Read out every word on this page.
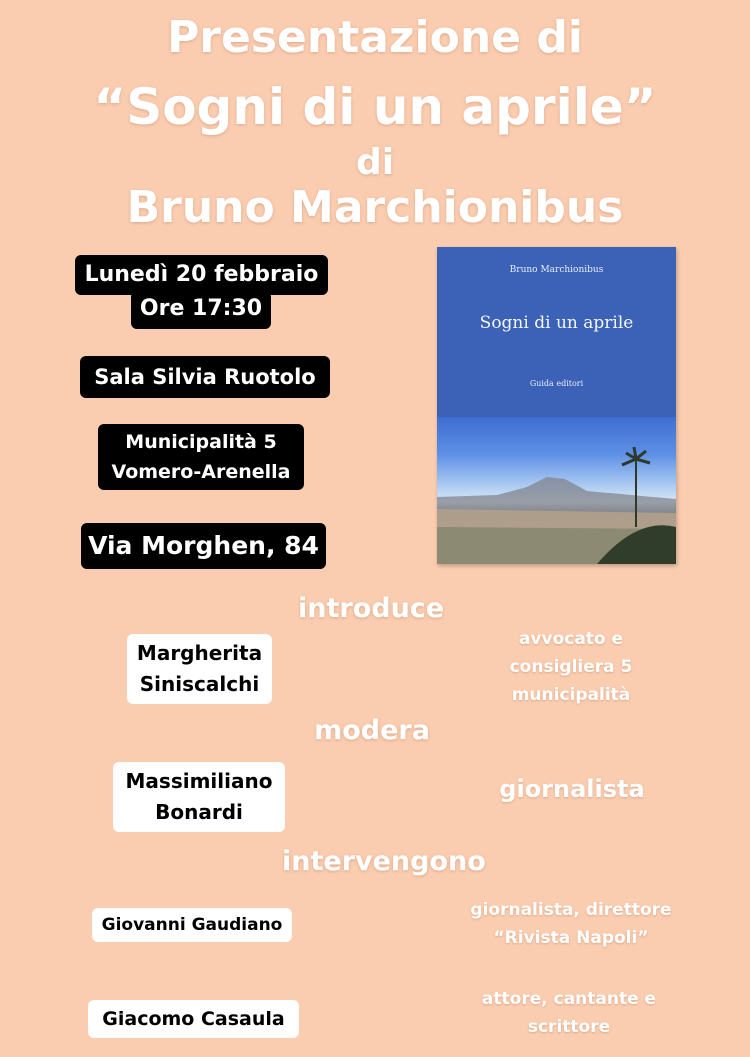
Presentazione di
“Sogni di un aprile”
di
Bruno Marchionibus
Lunedì 20 febbraio
Ore 17:30
Sala Silvia Ruotolo
Municipalità 5
Vomero-Arenella
Via Morghen, 84
Bruno Marchionibus
Sogni di un aprile
Guida editori
introduce
Margherita
Siniscalchi
avvocato e
consigliera 5
municipalità
modera
Massimiliano
Bonardi
giornalista
intervengono
Giovanni Gaudiano
giornalista, direttore
“Rivista Napoli”
Giacomo Casaula
attore, cantante e
scrittore
